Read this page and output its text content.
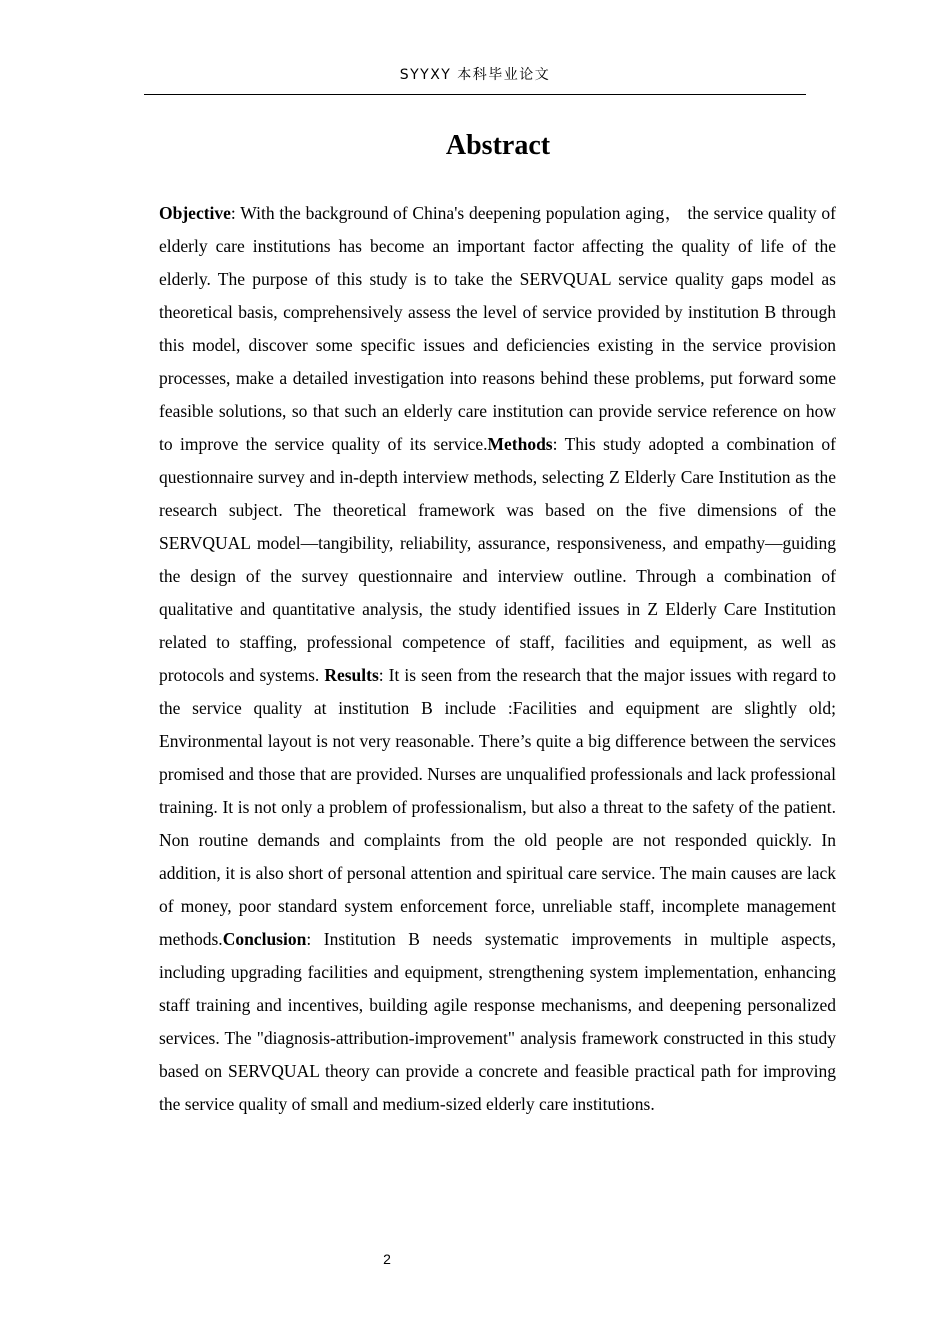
SYYXY 本科毕业论文
Abstract

Objective: With the background of China's deepening population aging， the service quality of elderly care institutions has become an important factor affecting the quality of life of the elderly. The purpose of this study is to take the SERVQUAL service quality gaps model as theoretical basis, comprehensively assess the level of service provided by institution B through this model, discover some specific issues and deficiencies existing in the service provision processes, make a detailed investigation into reasons behind these problems, put forward some feasible solutions, so that such an elderly care institution can provide service reference on how to improve the service quality of its service.Methods: This study adopted a combination of questionnaire survey and in-depth interview methods, selecting Z Elderly Care Institution as the research subject. The theoretical framework was based on the five dimensions of the SERVQUAL model—tangibility, reliability, assurance, responsiveness, and empathy—guiding the design of the survey questionnaire and interview outline. Through a combination of qualitative and quantitative analysis, the study identified issues in Z Elderly Care Institution related to staffing, professional competence of staff, facilities and equipment, as well as protocols and systems. Results: It is seen from the research that the major issues with regard to the service quality at institution B include :Facilities and equipment are slightly old; Environmental layout is not very reasonable. There’s quite a big difference between the services promised and those that are provided. Nurses are unqualified professionals and lack professional training. It is not only a problem of professionalism, but also a threat to the safety of the patient. Non routine demands and complaints from the old people are not responded quickly. In addition, it is also short of personal attention and spiritual care service. The main causes are lack of money, poor standard system enforcement force, unreliable staff, incomplete management methods.Conclusion: Institution B needs systematic improvements in multiple aspects, including upgrading facilities and equipment, strengthening system implementation, enhancing staff training and incentives, building agile response mechanisms, and deepening personalized services. The "diagnosis-attribution-improvement" analysis framework constructed in this study based on SERVQUAL theory can provide a concrete and feasible practical path for improving the service quality of small and medium-sized elderly care institutions.

2
